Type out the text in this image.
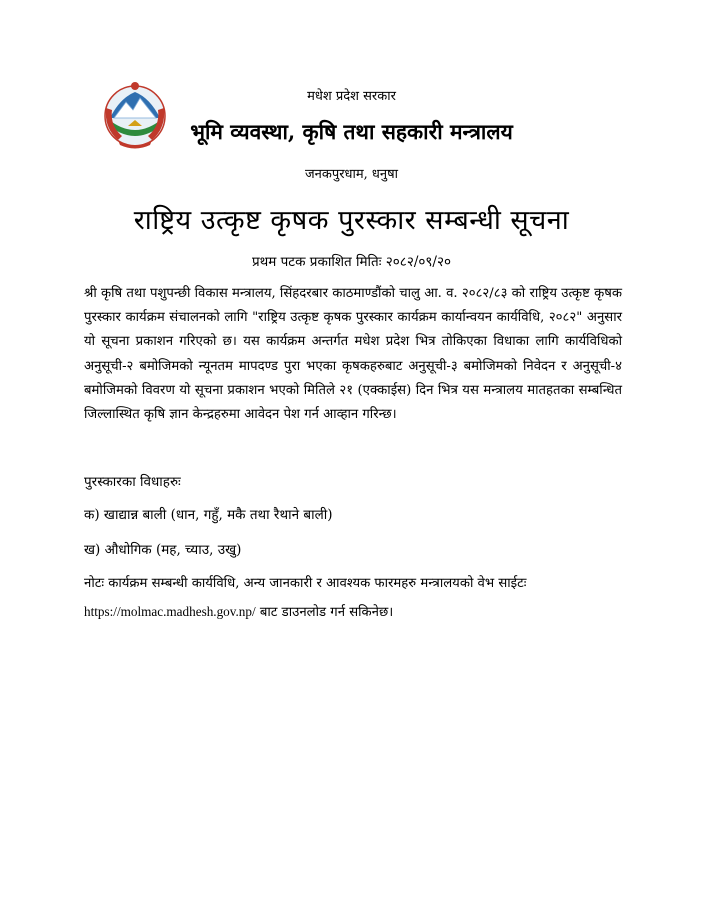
मधेश प्रदेश सरकार
भूमि व्यवस्था, कृषि तथा सहकारी मन्त्रालय
जनकपुरधाम, धनुषा
राष्ट्रिय उत्कृष्ट कृषक पुरस्कार सम्बन्धी सूचना
प्रथम पटक प्रकाशित मितिः २०८२/०९/२०

श्री कृषि तथा पशुपन्छी विकास मन्त्रालय, सिंहदरबार काठमाण्डौंको चालु आ. व. २०८२/८३ को राष्ट्रिय उत्कृष्ट कृषक पुरस्कार कार्यक्रम संचालनको लागि "राष्ट्रिय उत्कृष्ट कृषक पुरस्कार कार्यक्रम कार्यान्वयन कार्यविधि, २०८२" अनुसार यो सूचना प्रकाशन गरिएको छ। यस कार्यक्रम अन्तर्गत मधेश प्रदेश भित्र तोकिएका विधाका लागि कार्यविधिको अनुसूची-२ बमोजिमको न्यूनतम मापदण्ड पुरा भएका कृषकहरुबाट अनुसूची-३ बमोजिमको निवेदन र अनुसूची-४ बमोजिमको विवरण यो सूचना प्रकाशन भएको मितिले २१ (एक्काईस) दिन भित्र यस मन्त्रालय मातहतका सम्बन्धित जिल्लास्थित कृषि ज्ञान केन्द्रहरुमा आवेदन पेश गर्न आव्हान गरिन्छ।

पुरस्कारका विधाहरुः
क) खाद्यान्न बाली (धान, गहुँ, मकै तथा रैथाने बाली)
ख) औधोगिक (मह, च्याउ, उखु)

नोटः कार्यक्रम सम्बन्धी कार्यविधि, अन्य जानकारी र आवश्यक फारमहरु मन्त्रालयको वेभ साईटः
https://molmac.madhesh.gov.np/ बाट डाउनलोड गर्न सकिनेछ।
